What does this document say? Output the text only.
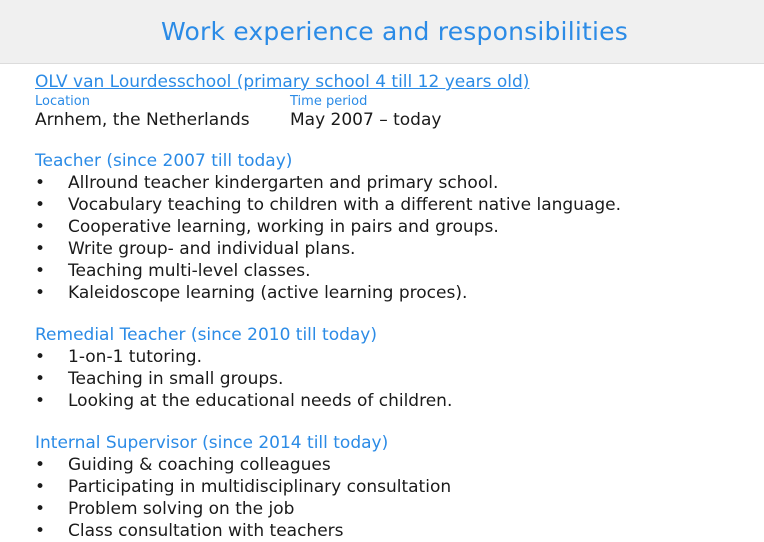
Work experience and responsibilities
OLV van Lourdesschool (primary school 4 till 12 years old)
Location
Arnhem, the Netherlands
Time period
May 2007 – today
Teacher (since 2007 till today)
•
Allround teacher kindergarten and primary school.
•
Vocabulary teaching to children with a different native language.
•
Cooperative learning, working in pairs and groups.
•
Write group- and individual plans.
•
Teaching multi-level classes.
•
Kaleidoscope learning (active learning proces).
Remedial Teacher (since 2010 till today)
•
1-on-1 tutoring.
•
Teaching in small groups.
•
Looking at the educational needs of children.
Internal Supervisor (since 2014 till today)
•
Guiding & coaching colleagues
•
Participating in multidisciplinary consultation
•
Problem solving on the job
•
Class consultation with teachers
